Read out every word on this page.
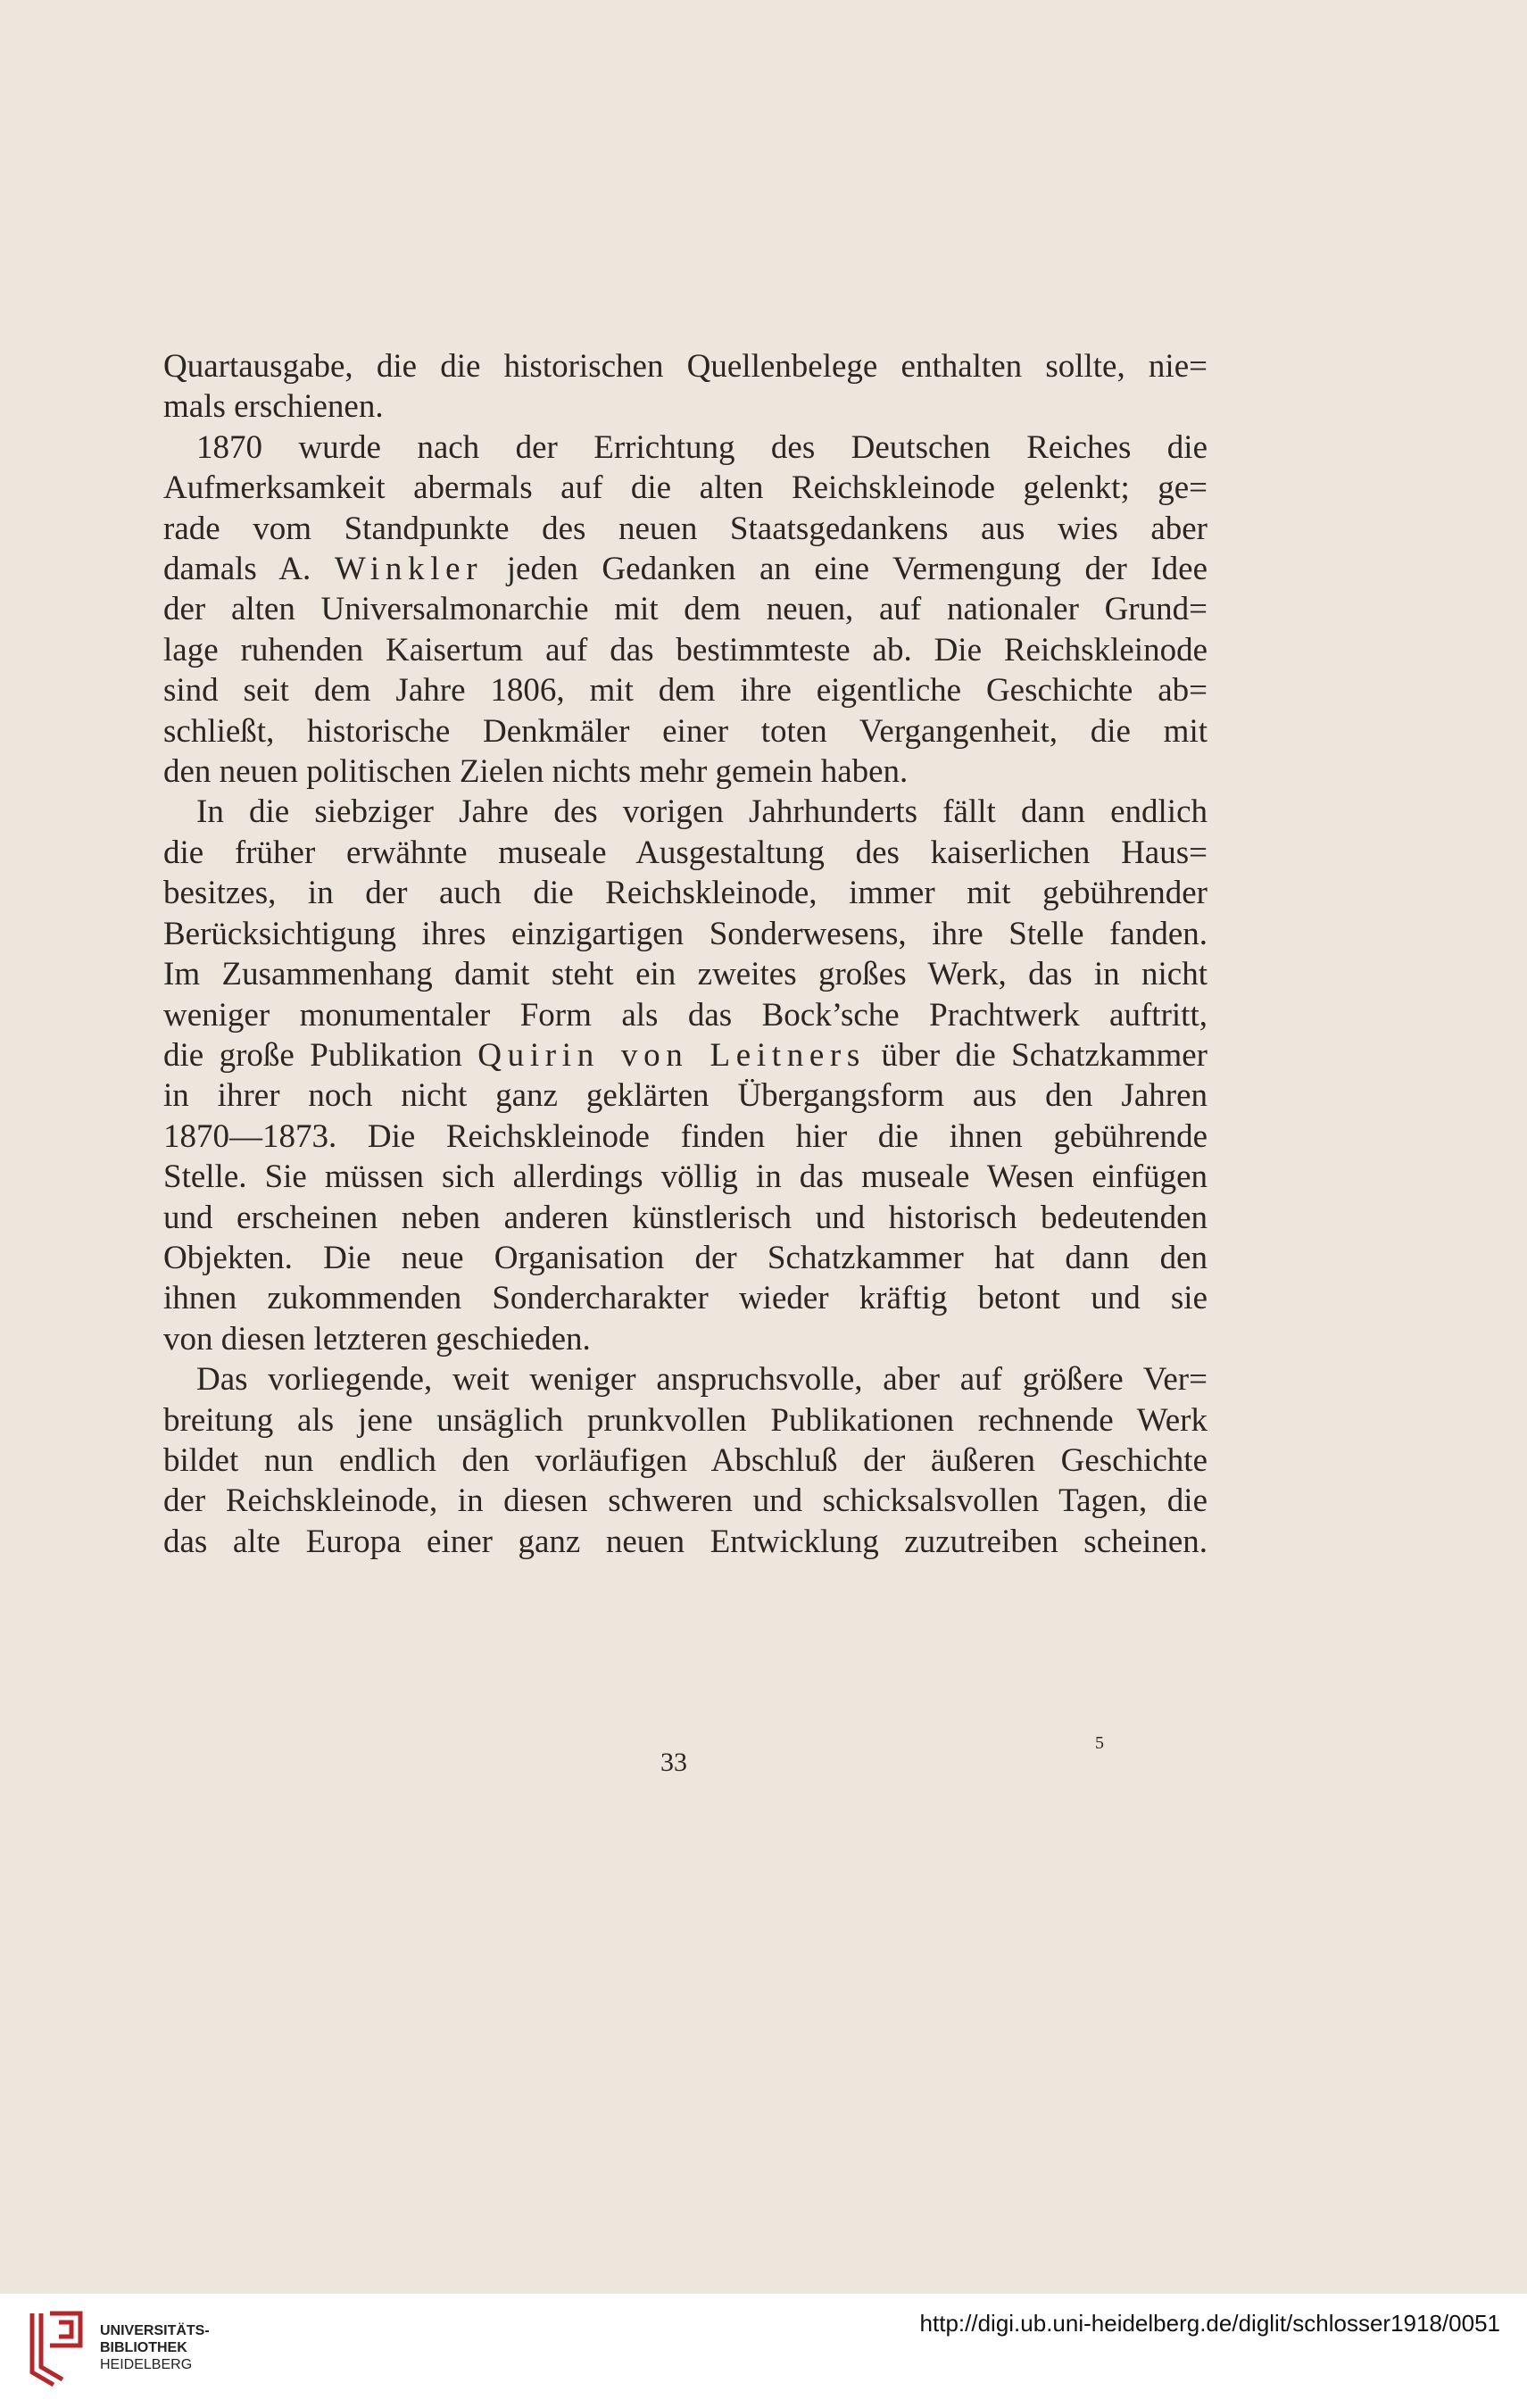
Quartausgabe, die die historischen Quellenbelege enthalten sollte, nie=

mals erschienen.

1870 wurde nach der Errichtung des Deutschen Reiches die

Aufmerksamkeit abermals auf die alten Reichskleinode gelenkt; ge=

rade vom Standpunkte des neuen Staatsgedankens aus wies aber

damals A. Winkler jeden Gedanken an eine Vermengung der Idee

der alten Universalmonarchie mit dem neuen, auf nationaler Grund=

lage ruhenden Kaisertum auf das bestimmteste ab. Die Reichskleinode

sind seit dem Jahre 1806, mit dem ihre eigentliche Geschichte ab=

schließt, historische Denkmäler einer toten Vergangenheit, die mit

den neuen politischen Zielen nichts mehr gemein haben.

In die siebziger Jahre des vorigen Jahrhunderts fällt dann endlich

die früher erwähnte museale Ausgestaltung des kaiserlichen Haus=

besitzes, in der auch die Reichskleinode, immer mit gebührender

Berücksichtigung ihres einzigartigen Sonderwesens, ihre Stelle fanden.

Im Zusammenhang damit steht ein zweites großes Werk, das in nicht

weniger monumentaler Form als das Bock’sche Prachtwerk auftritt,

die große Publikation Quirin von Leitners über die Schatzkammer

in ihrer noch nicht ganz geklärten Übergangsform aus den Jahren

1870—1873. Die Reichskleinode finden hier die ihnen gebührende

Stelle. Sie müssen sich allerdings völlig in das museale Wesen einfügen

und erscheinen neben anderen künstlerisch und historisch bedeutenden

Objekten. Die neue Organisation der Schatzkammer hat dann den

ihnen zukommenden Sondercharakter wieder kräftig betont und sie

von diesen letzteren geschieden.

Das vorliegende, weit weniger anspruchsvolle, aber auf größere Ver=

breitung als jene unsäglich prunkvollen Publikationen rechnende Werk

bildet nun endlich den vorläufigen Abschluß der äußeren Geschichte

der Reichskleinode, in diesen schweren und schicksalsvollen Tagen, die

das alte Europa einer ganz neuen Entwicklung zuzutreiben scheinen.

33
5
UNIVERSITÄTS-
BIBLIOTHEK
HEIDELBERG
http://digi.ub.uni-heidelberg.de/diglit/schlosser1918/0051
